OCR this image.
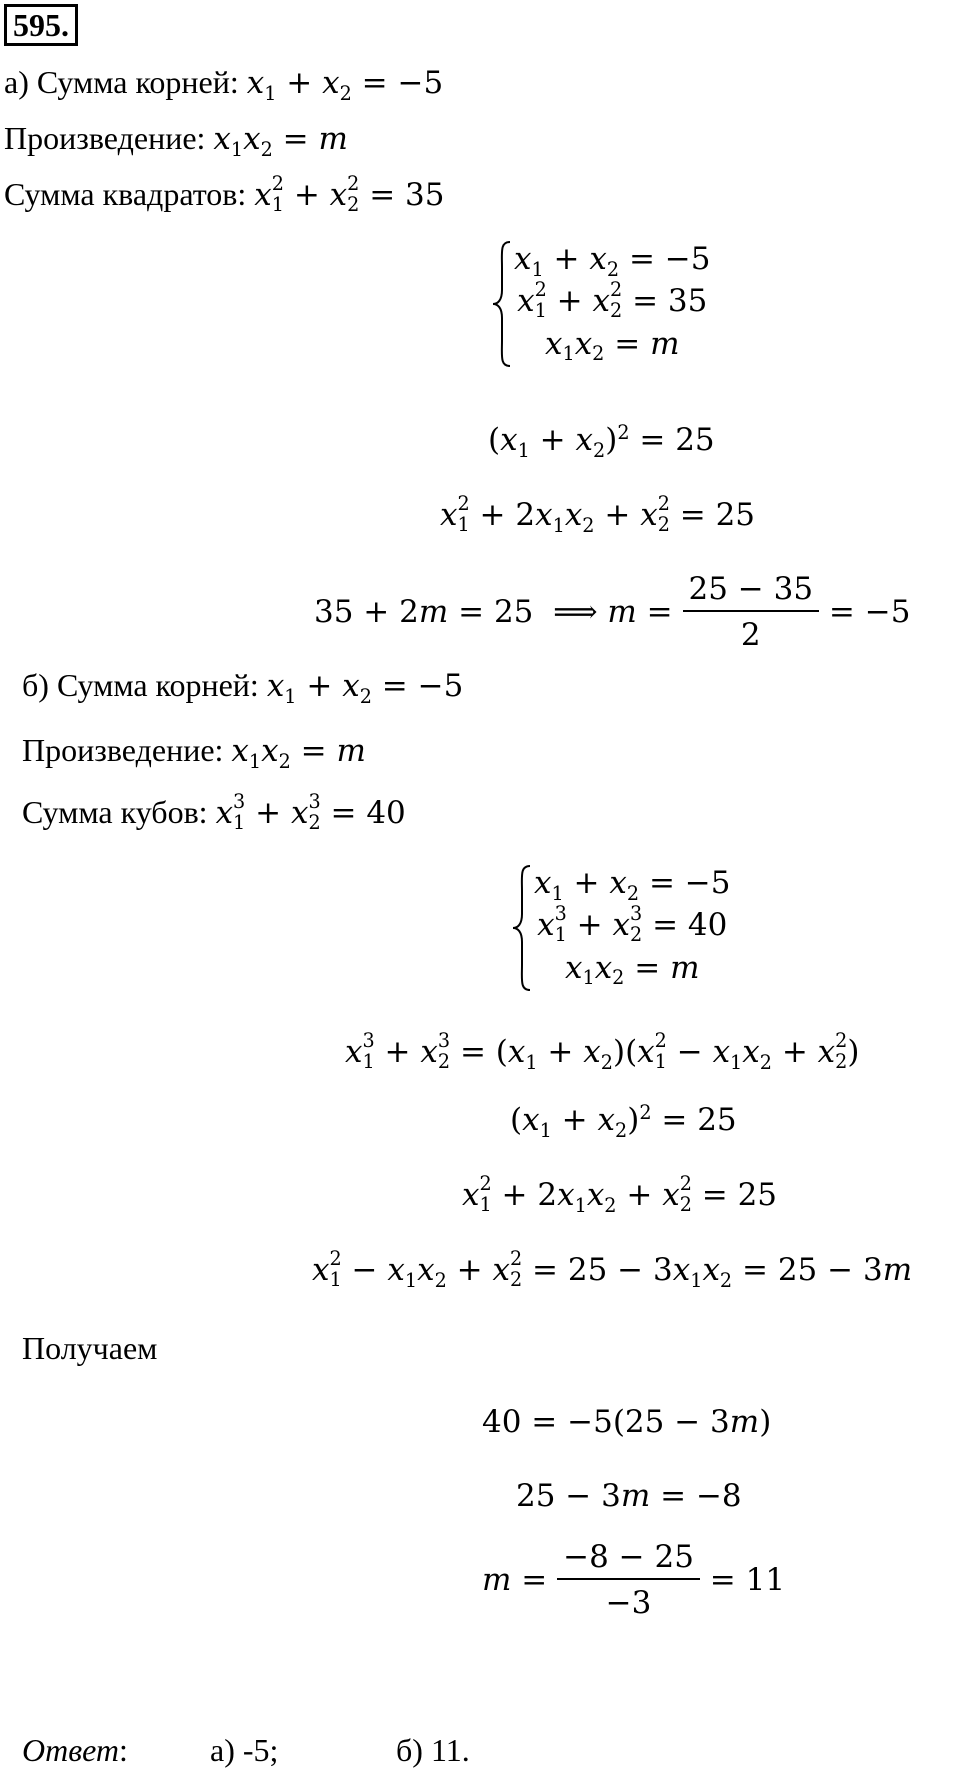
595.
а) Сумма корней: $x_1 + x_2 = -5$
Произведение: $x_1x_2 = m$
Сумма квадратов: x 2
1 + x 2
2 = 35
$x_1 + x_2 = -5$
x 2
1 + x 2
2 = 35
$x_1x_2 = m$
$(x_1 + x_2)^2 = 25$
x 2
$1 + 2x_1x_2 + x$ 2
2 = 25
35 + 2m = 25  ⟹ $m = \frac{25 - 35}{2} = -5$
б) Сумма корней: $x_1 + x_2 = -5$
Произведение: $x_1x_2 = m$
Сумма кубов: x 3
1 + x 3
2 = 40
$x_1 + x_2 = -5$
x 3
1 + x 3
2 = 40
$x_1x_2 = m$
x 3
1 + x 3
$2 = (x_1 + x_2)(x$ 2
$1 - x_1x_2 + x$ 2
2 )
$(x_1 + x_2)^2 = 25$
x 2
$1 + 2x_1x_2 + x$ 2
2 = 25
x 2
$1 - x_1x_2 + x$ 2
$2 = 25 - 3x_1x_2 = 25 - 3m$
Получаем
40 = −5(25 − 3m)
25 − 3m = −8
$m = \frac{-8 - 25}{-3} = 11$
Ответ:	а) -5;	б) 11.
